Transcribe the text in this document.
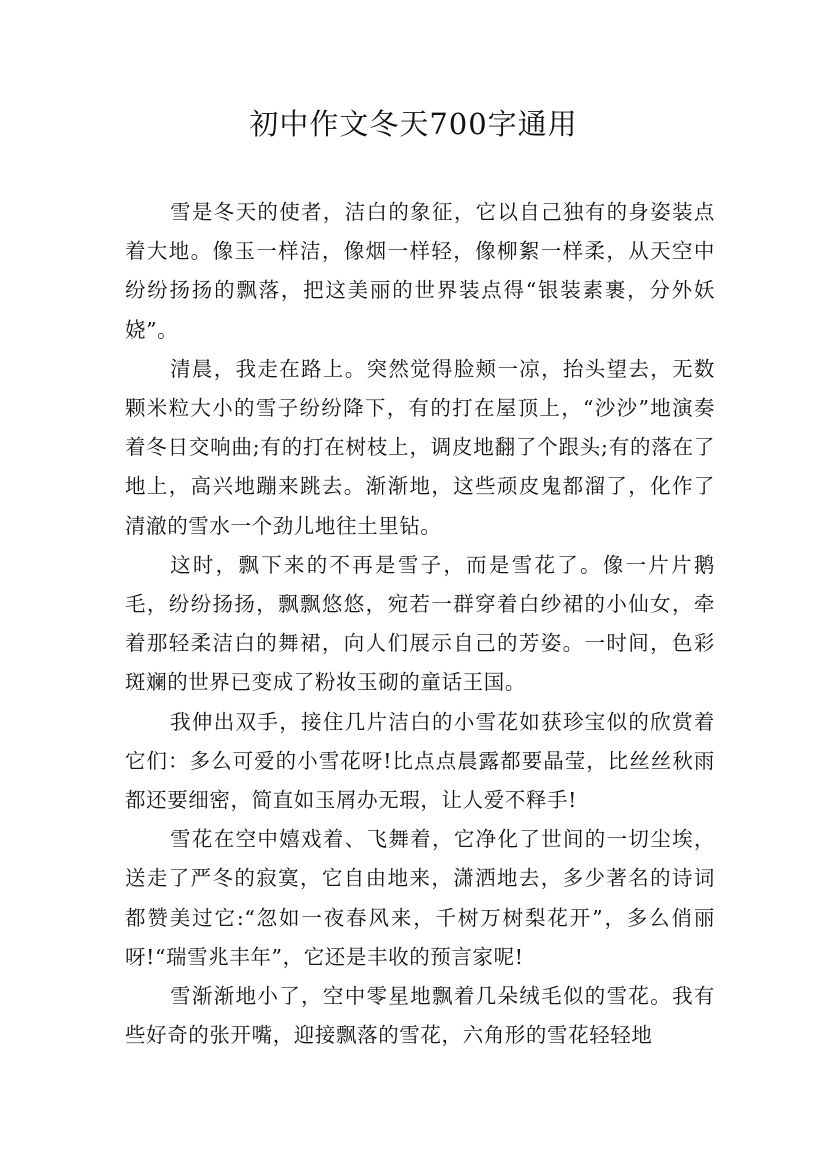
初中作文冬天700字通用

雪是冬天的使者，洁白的象征，它以自己独有的身姿装点着大地。像玉一样洁，像烟一样轻，像柳絮一样柔，从天空中纷纷扬扬的飘落，把这美丽的世界装点得“银装素裹，分外妖娆”。

清晨，我走在路上。突然觉得脸颊一凉，抬头望去，无数颗米粒大小的雪子纷纷降下，有的打在屋顶上，“沙沙”地演奏着冬日交响曲;有的打在树枝上，调皮地翻了个跟头;有的落在了地上，高兴地蹦来跳去。渐渐地，这些顽皮鬼都溜了，化作了清澈的雪水一个劲儿地往土里钻。

这时，飘下来的不再是雪子，而是雪花了。像一片片鹅毛，纷纷扬扬，飘飘悠悠，宛若一群穿着白纱裙的小仙女，牵着那轻柔洁白的舞裙，向人们展示自己的芳姿。一时间，色彩斑斓的世界已变成了粉妆玉砌的童话王国。

我伸出双手，接住几片洁白的小雪花如获珍宝似的欣赏着它们：多么可爱的小雪花呀!比点点晨露都要晶莹，比丝丝秋雨都还要细密，简直如玉屑办无瑕，让人爱不释手!

雪花在空中嬉戏着、飞舞着，它净化了世间的一切尘埃，送走了严冬的寂寞，它自由地来，潇洒地去，多少著名的诗词都赞美过它:“忽如一夜春风来，千树万树梨花开”，多么俏丽呀!“瑞雪兆丰年”，它还是丰收的预言家呢!

雪渐渐地小了，空中零星地飘着几朵绒毛似的雪花。我有些好奇的张开嘴，迎接飘落的雪花，六角形的雪花轻轻地
